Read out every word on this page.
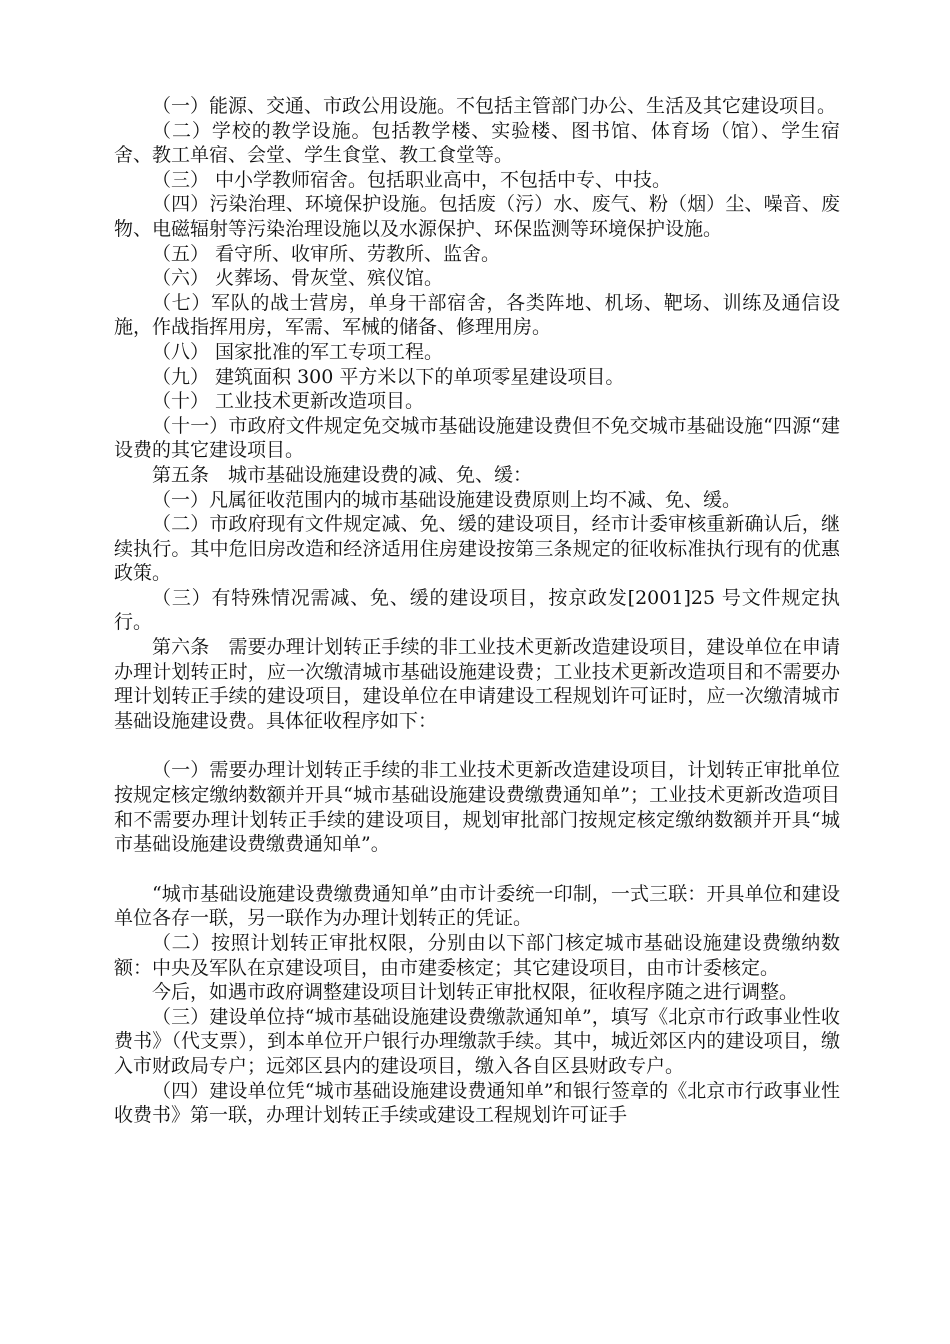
（一）能源、交通、市政公用设施。不包括主管部门办公、生活及其它建设项目。

（二）学校的教学设施。包括教学楼、实验楼、图书馆、体育场（馆）、学生宿舍、教工单宿、会堂、学生食堂、教工食堂等。

（三） 中小学教师宿舍。包括职业高中，不包括中专、中技。

（四）污染治理、环境保护设施。包括废（污）水、废气、粉（烟）尘、噪音、废物、电磁辐射等污染治理设施以及水源保护、环保监测等环境保护设施。

（五） 看守所、收审所、劳教所、监舍。

（六） 火葬场、骨灰堂、殡仪馆。

（七）军队的战士营房，单身干部宿舍，各类阵地、机场、靶场、训练及通信设施，作战指挥用房，军需、军械的储备、修理用房。

（八） 国家批准的军工专项工程。

（九） 建筑面积 300 平方米以下的单项零星建设项目。

（十） 工业技术更新改造项目。

（十一）市政府文件规定免交城市基础设施建设费但不免交城市基础设施“四源“建设费的其它建设项目。

第五条　城市基础设施建设费的减、免、缓：

（一）凡属征收范围内的城市基础设施建设费原则上均不减、免、缓。

（二）市政府现有文件规定减、免、缓的建设项目，经市计委审核重新确认后，继续执行。其中危旧房改造和经济适用住房建设按第三条规定的征收标准执行现有的优惠政策。

（三）有特殊情况需减、免、缓的建设项目，按京政发[2001]25 号文件规定执行。

第六条　需要办理计划转正手续的非工业技术更新改造建设项目，建设单位在申请办理计划转正时，应一次缴清城市基础设施建设费；工业技术更新改造项目和不需要办理计划转正手续的建设项目，建设单位在申请建设工程规划许可证时，应一次缴清城市基础设施建设费。具体征收程序如下：

（一）需要办理计划转正手续的非工业技术更新改造建设项目，计划转正审批单位按规定核定缴纳数额并开具“城市基础设施建设费缴费通知单”；工业技术更新改造项目和不需要办理计划转正手续的建设项目，规划审批部门按规定核定缴纳数额并开具“城市基础设施建设费缴费通知单”。

“城市基础设施建设费缴费通知单”由市计委统一印制，一式三联：开具单位和建设单位各存一联，另一联作为办理计划转正的凭证。

（二）按照计划转正审批权限，分别由以下部门核定城市基础设施建设费缴纳数额：中央及军队在京建设项目，由市建委核定；其它建设项目，由市计委核定。

今后，如遇市政府调整建设项目计划转正审批权限，征收程序随之进行调整。

（三）建设单位持“城市基础设施建设费缴款通知单”，填写《北京市行政事业性收费书》（代支票），到本单位开户银行办理缴款手续。其中，城近郊区内的建设项目，缴入市财政局专户；远郊区县内的建设项目，缴入各自区县财政专户。

（四）建设单位凭“城市基础设施建设费通知单”和银行签章的《北京市行政事业性收费书》第一联，办理计划转正手续或建设工程规划许可证手
